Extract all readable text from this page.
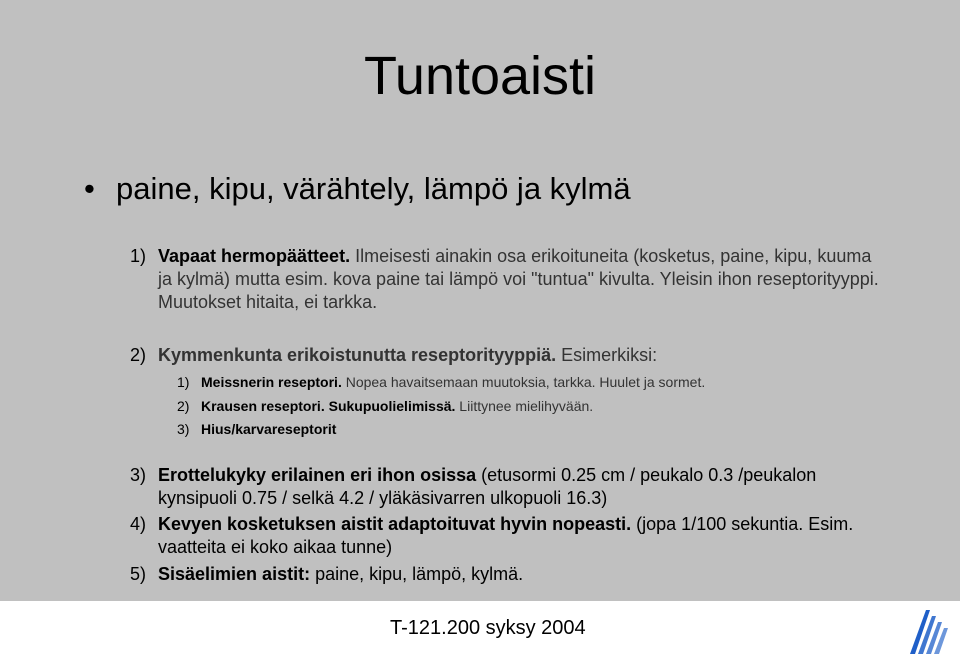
Tuntoaisti
• paine, kipu, värähtely, lämpö ja kylmä
1) Vapaat hermopäätteet. Ilmeisesti ainakin osa erikoituneita (kosketus, paine, kipu, kuuma ja kylmä) mutta esim. kova paine tai lämpö voi "tuntua" kivulta. Yleisin ihon reseptorityyppi. Muutokset hitaita, ei tarkka.
2) Kymmenkunta erikoistunutta reseptorityyppiä. Esimerkiksi:
1) Meissnerin reseptori. Nopea havaitsemaan muutoksia, tarkka. Huulet ja sormet.
2) Krausen reseptori. Sukupuolielimissä. Liittynee mielihyvään.
3) Hius/karvareseptorit
3) Erottelukyky erilainen eri ihon osissa (etusormi 0.25 cm / peukalo 0.3 /peukalon kynsipuoli 0.75 / selkä 4.2 / yläkäsivarren ulkopuoli 16.3)
4) Kevyen kosketuksen aistit adaptoituvat hyvin nopeasti. (jopa 1/100 sekuntia. Esim. vaatteita ei koko aikaa tunne)
5) Sisäelimien aistit: paine, kipu, lämpö, kylmä.
T-121.200 syksy 2004
